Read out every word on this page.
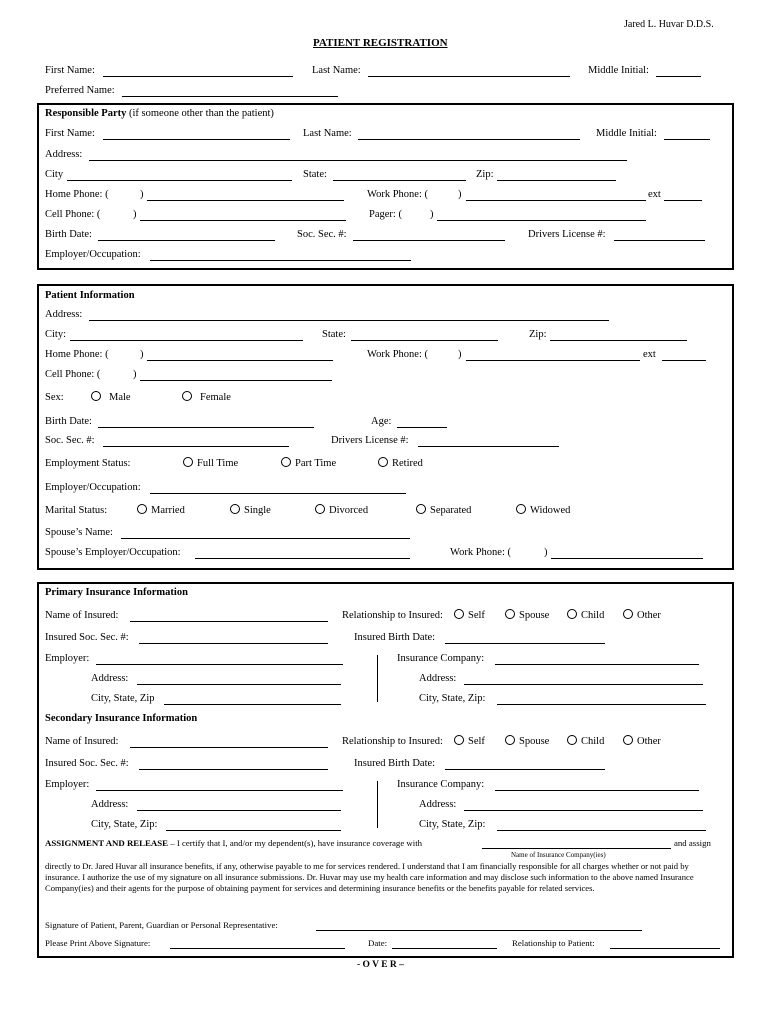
Jared L. Huvar D.D.S.
PATIENT REGISTRATION
First Name:	Last Name:	Middle Initial:
Preferred Name:
Responsible Party (if someone other than the patient)
First Name:	Last Name:	Middle Initial:
Address:
City	State:	Zip:
Home Phone: (	)	Work Phone: (	)	ext
Cell Phone: (	)	Pager: (	)
Birth Date:	Soc. Sec. #:	Drivers License #:
Employer/Occupation:
Patient Information
Address:
City:	State:	Zip:
Home Phone: (	)	Work Phone: (	)	ext
Cell Phone: (	)
Sex:	Male	Female
Birth Date:	Age:
Soc. Sec. #:	Drivers License #:
Employment Status:	Full Time	Part Time	Retired
Employer/Occupation:
Marital Status:	Married	Single	Divorced	Separated	Widowed
Spouse’s Name:
Spouse’s Employer/Occupation:	Work Phone: (	)
Primary Insurance Information
Name of Insured:	Relationship to Insured:	Self	Spouse	Child	Other
Insured Soc. Sec. #:	Insured Birth Date:
Employer:	Insurance Company:
Address:	Address:
City, State, Zip	City, State, Zip:
Secondary Insurance Information
Name of Insured:	Relationship to Insured:	Self	Spouse	Child	Other
Insured Soc. Sec. #:	Insured Birth Date:
Employer:	Insurance Company:
Address:	Address:
City, State, Zip:	City, State, Zip:
ASSIGNMENT AND RELEASE – I certify that I, and/or my dependent(s), have insurance coverage with	and assign
Name of Insurance Company(ies)
directly to Dr. Jared Huvar all insurance benefits, if any, otherwise payable to me for services rendered. I understand that I am financially responsible for all charges whether or not paid by insurance. I authorize the use of my signature on all insurance submissions. Dr. Huvar may use my health care information and may disclose such information to the above named Insurance Company(ies) and their agents for the purpose of obtaining payment for services and determining insurance benefits or the benefits payable for related services.
Signature of Patient, Parent, Guardian or Personal Representative:
Please Print Above Signature:	Date:	Relationship to Patient:
- O V E R –
